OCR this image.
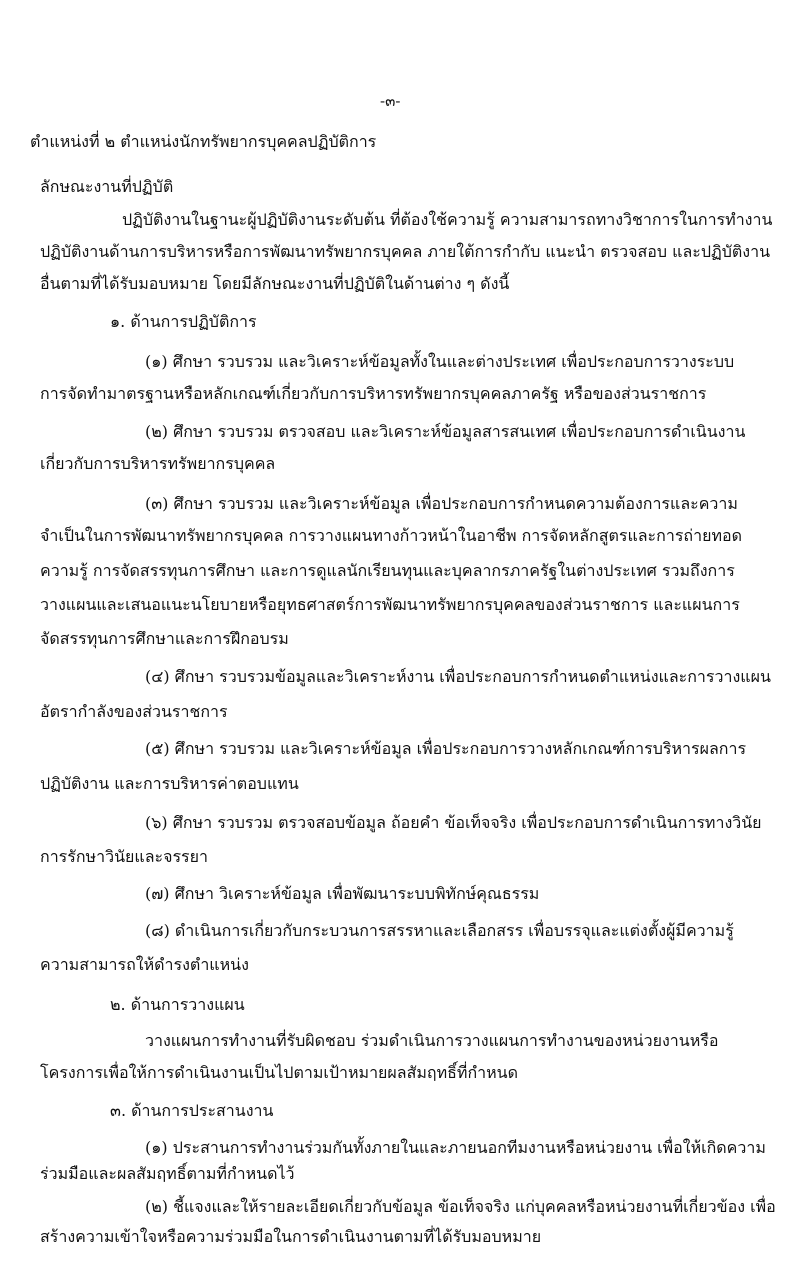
-๓-

ตำแหน่งที่ ๒ ตำแหน่งนักทรัพยากรบุคคลปฏิบัติการ

ลักษณะงานที่ปฏิบัติ

ปฏิบัติงานในฐานะผู้ปฏิบัติงานระดับต้น ที่ต้องใช้ความรู้ ความสามารถทางวิชาการในการทำงาน

ปฏิบัติงานด้านการบริหารหรือการพัฒนาทรัพยากรบุคคล ภายใต้การกำกับ แนะนำ ตรวจสอบ และปฏิบัติงาน

อื่นตามที่ได้รับมอบหมาย โดยมีลักษณะงานที่ปฏิบัติในด้านต่าง ๆ ดังนี้

๑. ด้านการปฏิบัติการ

(๑) ศึกษา รวบรวม และวิเคราะห์ข้อมูลทั้งในและต่างประเทศ เพื่อประกอบการวางระบบ

การจัดทำมาตรฐานหรือหลักเกณฑ์เกี่ยวกับการบริหารทรัพยากรบุคคลภาครัฐ หรือของส่วนราชการ

(๒) ศึกษา รวบรวม ตรวจสอบ และวิเคราะห์ข้อมูลสารสนเทศ เพื่อประกอบการดำเนินงาน

เกี่ยวกับการบริหารทรัพยากรบุคคล

(๓) ศึกษา รวบรวม และวิเคราะห์ข้อมูล เพื่อประกอบการกำหนดความต้องการและความ

จำเป็นในการพัฒนาทรัพยากรบุคคล การวางแผนทางก้าวหน้าในอาชีพ การจัดหลักสูตรและการถ่ายทอด

ความรู้ การจัดสรรทุนการศึกษา และการดูแลนักเรียนทุนและบุคลากรภาครัฐในต่างประเทศ รวมถึงการ

วางแผนและเสนอแนะนโยบายหรือยุทธศาสตร์การพัฒนาทรัพยากรบุคคลของส่วนราชการ และแผนการ

จัดสรรทุนการศึกษาและการฝึกอบรม

(๔) ศึกษา รวบรวมข้อมูลและวิเคราะห์งาน เพื่อประกอบการกำหนดตำแหน่งและการวางแผน

อัตรากำลังของส่วนราชการ

(๕) ศึกษา รวบรวม และวิเคราะห์ข้อมูล เพื่อประกอบการวางหลักเกณฑ์การบริหารผลการ

ปฏิบัติงาน และการบริหารค่าตอบแทน

(๖) ศึกษา รวบรวม ตรวจสอบข้อมูล ถ้อยคำ ข้อเท็จจริง เพื่อประกอบการดำเนินการทางวินัย

การรักษาวินัยและจรรยา

(๗) ศึกษา วิเคราะห์ข้อมูล เพื่อพัฒนาระบบพิทักษ์คุณธรรม

(๘) ดำเนินการเกี่ยวกับกระบวนการสรรหาและเลือกสรร เพื่อบรรจุและแต่งตั้งผู้มีความรู้

ความสามารถให้ดำรงตำแหน่ง

๒. ด้านการวางแผน

วางแผนการทำงานที่รับผิดชอบ ร่วมดำเนินการวางแผนการทำงานของหน่วยงานหรือ

โครงการเพื่อให้การดำเนินงานเป็นไปตามเป้าหมายผลสัมฤทธิ์ที่กำหนด

๓. ด้านการประสานงาน

(๑) ประสานการทำงานร่วมกันทั้งภายในและภายนอกทีมงานหรือหน่วยงาน เพื่อให้เกิดความ

ร่วมมือและผลสัมฤทธิ์ตามที่กำหนดไว้

(๒) ชี้แจงและให้รายละเอียดเกี่ยวกับข้อมูล ข้อเท็จจริง แก่บุคคลหรือหน่วยงานที่เกี่ยวข้อง เพื่อ

สร้างความเข้าใจหรือความร่วมมือในการดำเนินงานตามที่ได้รับมอบหมาย
